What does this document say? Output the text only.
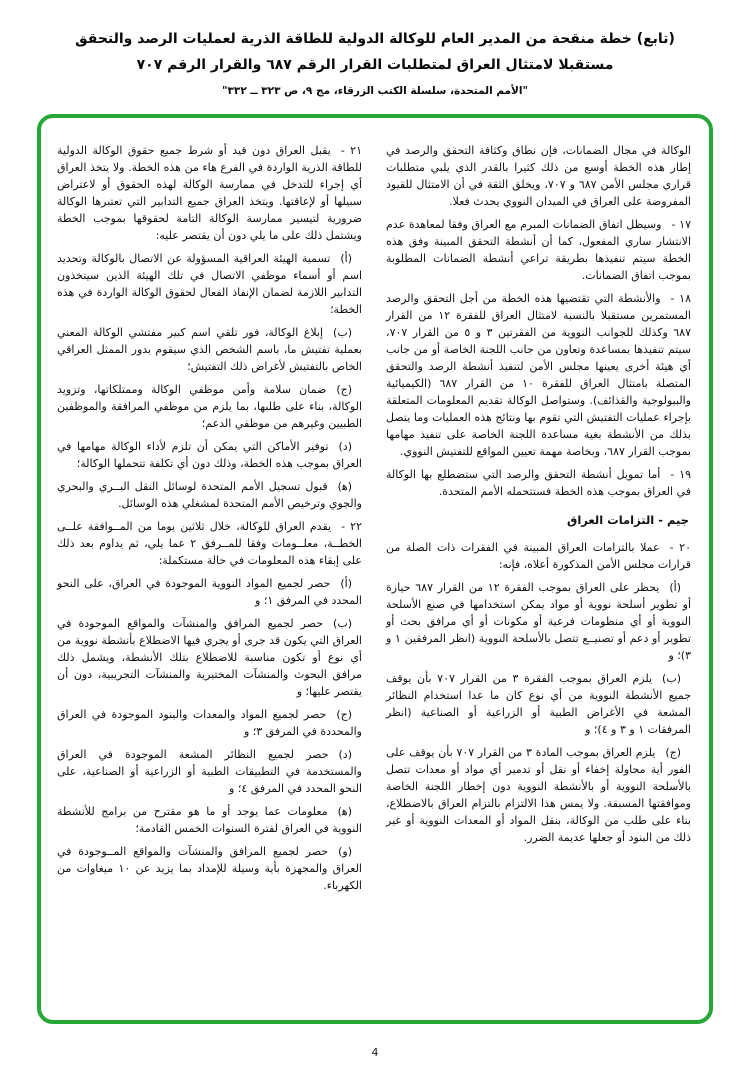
(تابع) خطة منقحة من المدير العام للوكالة الدولية للطاقة الذرية لعمليات الرصد والتحقق
مستقبلا لامتثال العراق لمتطلبات القرار الرقم ٦٨٧ والقرار الرقم ٧٠٧
"الأمم المتحدة، سلسلة الكتب الزرقاء، مج ٩، ص ٣٢٣ ــ ٣٣٢"

الوكالة في مجال الضمانات، فإن نطاق وكثافة التحقق والرصد في إطار هذه الخطة أوسع من ذلك كثيرا بالقدر الذي يلبي متطلبات قراري مجلس الأمن ٦٨٧ و ٧٠٧، ويخلق الثقة في أن الامتثال للقيود المفروضة على العراق في الميدان النووي يحدث فعلا.

١٧ -وسيظل اتفاق الضمانات المبرم مع العراق وفقا لمعاهدة عدم الانتشار ساري المفعول، كما أن أنشطة التحقق المبينة وفق هذه الخطة سيتم تنفيذها بطريقة تراعي أنشطة الضمانات المطلوبة بموجب اتفاق الضمانات.

١٨ -والأنشطة التي تقتضيها هذه الخطة من أجل التحقق والرصد المستمرين مستقبلا بالنسبة لامتثال العراق للفقرة ١٢ من القرار ٦٨٧ وكذلك للجوانب النووية من الفقرتين ٣ و ٥ من القرار ٧٠٧، سيتم تنفيذها بمساعدة وتعاون من جانب اللجنة الخاصة أو من جانب أي هيئة أخرى يعينها مجلس الأمن لتنفيذ أنشطة الرصد والتحقق المتصلة بامتثال العراق للفقرة ١٠ من القرار ٦٨٧ (الكيميائية والبيولوجية والقذائف). وستواصل الوكالة تقديم المعلومات المتعلقة بإجراء عمليات التفتيش التي تقوم بها ونتائج هذه العمليات وما يتصل بذلك من الأنشطة بغية مساعدة اللجنة الخاصة على تنفيذ مهامها بموجب القرار ٦٨٧، وبخاصة مهمة تعيين المواقع للتفتيش النووي.

١٩ -أما تمويل أنشطة التحقق والرصد التي ستضطلع بها الوكالة في العراق بموجب هذه الخطة فستتحمله الأمم المتحدة.

جيم - التزامات العراق

٢٠ -عملا بالتزامات العراق المبينة في الفقرات ذات الصلة من قرارات مجلس الأمن المذكورة أعلاه، فإنه:

(أ)يحظر على العراق بموجب الفقرة ١٢ من القرار ٦٨٧ حيازة أو تطوير أسلحة نووية أو مواد يمكن استخدامها في صنع الأسلحة النووية أو أي منظومات فرعية أو مكونات أو أي مرافق بحث أو تطوير أو دعم أو تصنيــع تتصل بالأسلحة النووية (انظر المرفقين ١ و ٣)؛ و

(ب)يلزم العراق بموجب الفقرة ٣ من القرار ٧٠٧ بأن يوقف جميع الأنشطة النووية من أي نوع كان ما عدا استخدام النظائر المشعة في الأغراض الطبية أو الزراعية أو الصناعية (انظر المرفقات ١ و ٣ و ٤)؛ و

(ج)يلزم العراق بموجب المادة ٣ من القرار ٧٠٧ بأن يوقف على الفور أية محاولة إخفاء أو نقل أو تدمير أي مواد أو معدات تتصل بالأسلحة النووية أو بالأنشطة النووية دون إخطار اللجنة الخاصة وموافقتها المسبقة. ولا يمس هذا الالتزام بالتزام العراق بالاضطلاع، بناء على طلب من الوكالة، بنقل المواد أو المعدات النووية أو غير ذلك من البنود أو جعلها عديمة الضرر.

٢١ -يقبل العراق دون قيد أو شرط جميع حقوق الوكالة الدولية للطاقة الذرية الواردة في الفرع هاء من هذه الخطة. ولا يتخذ العراق أي إجراء للتدخل في ممارسة الوكالة لهذه الحقوق أو لاعتراض سبيلها أو لإعاقتها. ويتخذ العراق جميع التدابير التي تعتبرها الوكالة ضرورية لتيسير ممارسة الوكالة التامة لحقوقها بموجب الخطة ويشتمل ذلك على ما يلي دون أن يقتصر عليه:

(أ)تسمية الهيئة العراقية المسؤولة عن الاتصال بالوكالة وتحديد اسم أو أسماء موظفي الاتصال في تلك الهيئة الذين سيتخذون التدابير اللازمة لضمان الإنفاذ الفعال لحقوق الوكالة الواردة في هذه الخطة؛

(ب)إبلاغ الوكالة، فور تلقي اسم كبير مفتشي الوكالة المعني بعملية تفتيش ما، باسم الشخص الذي سيقوم بدور الممثل العراقي الخاص بالتفتيش لأغراض ذلك التفتيش؛

(ج)ضمان سلامة وأمن موظفي الوكالة وممتلكاتها، وتزويد الوكالة، بناء على طلبها، بما يلزم من موظفي المرافقة والموظفين الطبيين وغيرهم من موظفي الدعم؛

(د)توفير الأماكن التي يمكن أن تلزم لأداء الوكالة مهامها في العراق بموجب هذه الخطة، وذلك دون أي تكلفة تتحملها الوكالة؛

(ﻫ)قبول تسجيل الأمم المتحدة لوسائل النقل البــري والبحري والجوي وترخيص الأمم المتحدة لمشغلي هذه الوسائل.

٢٢ -يقدم العراق للوكالة، خلال ثلاثين يوما من المــوافقة علــى الخطــة، معلــومات وفقا للمــرفق ٢ عما يلي، ثم يداوم بعد ذلك على إبقاء هذه المعلومات في حالة مستكملة:

(أ)حصر لجميع المواد النووية الموجودة في العراق، على النحو المحدد في المرفق ١؛ و

(ب)حصر لجميع المرافق والمنشآت والمواقع الموجودة في العراق التي يكون قد جرى أو يجري فيها الاضطلاع بأنشطة نووية من أي نوع أو تكون مناسبة للاضطلاع بتلك الأنشطة، ويشمل ذلك مرافق البحوث والمنشآت المختبرية والمنشآت التجريبية، دون أن يقتصر عليها؛ و

(ج)حصر لجميع المواد والمعدات والبنود الموجودة في العراق والمحددة في المرفق ٣؛ و

(د)حصر لجميع النظائر المشعة الموجودة في العراق والمستخدمة في التطبيقات الطبية أو الزراعية أو الصناعية، على النحو المحدد في المرفق ٤؛ و

(ﻫ)معلومات عما يوجد أو ما هو مقترح من برامج للأنشطة النووية في العراق لفترة السنوات الخمس القادمة؛

(و)حصر لجميع المرافق والمنشآت والمواقع المــوجودة في العراق والمجهزة بأية وسيلة للإمداد بما يزيد عن ١٠ ميغاوات من الكهرباء.

4
